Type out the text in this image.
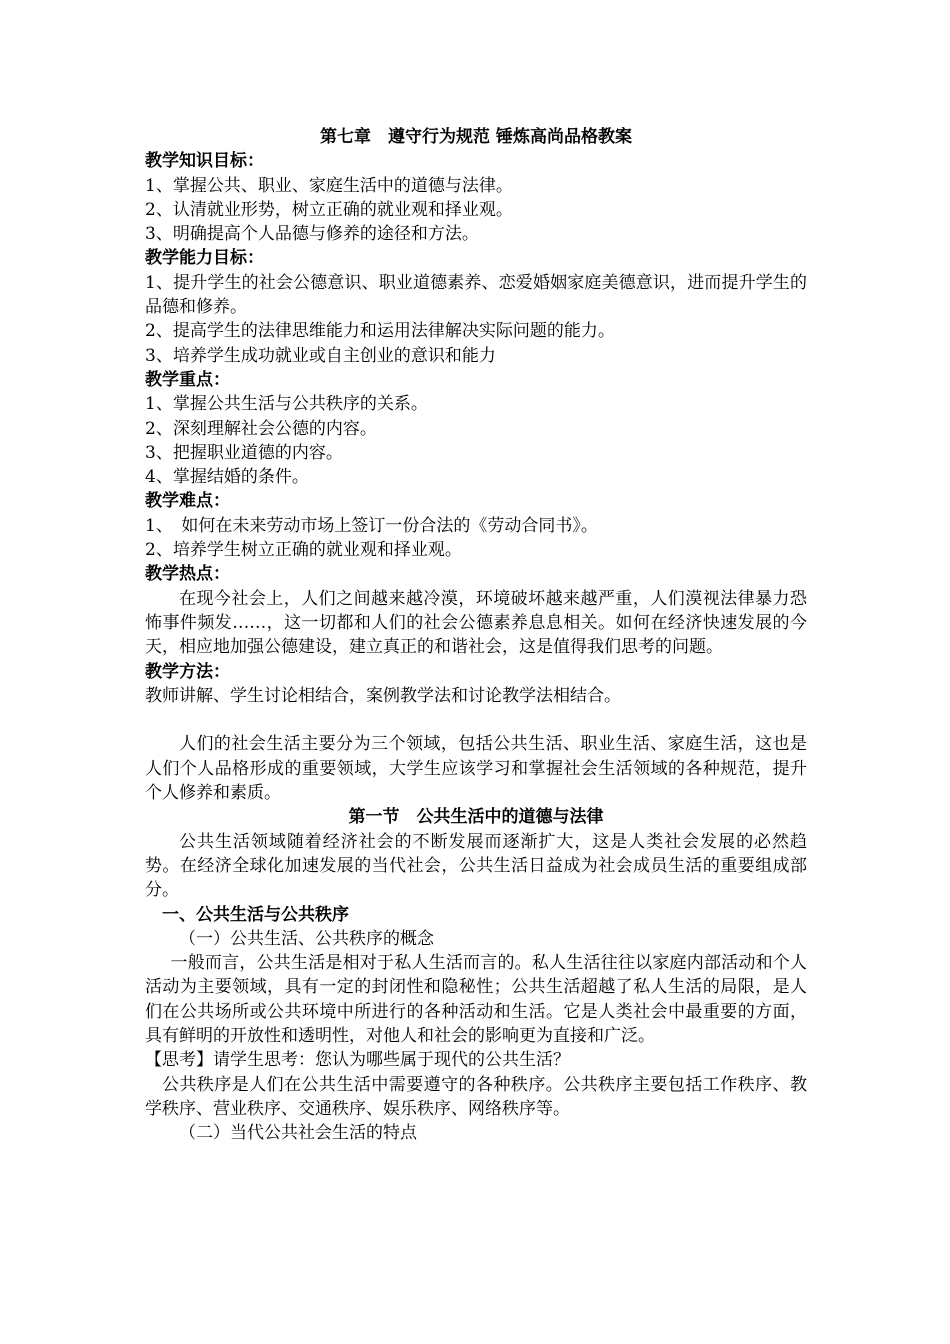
第七章　遵守行为规范 锤炼高尚品格教案

教学知识目标：

1、掌握公共、职业、家庭生活中的道德与法律。

2、认清就业形势，树立正确的就业观和择业观。

3、明确提高个人品德与修养的途径和方法。

教学能力目标：

1、提升学生的社会公德意识、职业道德素养、恋爱婚姻家庭美德意识，进而提升学生的品德和修养。

2、提高学生的法律思维能力和运用法律解决实际问题的能力。

3、培养学生成功就业或自主创业的意识和能力

教学重点：

1、掌握公共生活与公共秩序的关系。

2、深刻理解社会公德的内容。

3、把握职业道德的内容。

4、掌握结婚的条件。

教学难点：

1、　如何在未来劳动市场上签订一份合法的《劳动合同书》。

2、培养学生树立正确的就业观和择业观。

教学热点：

在现今社会上，人们之间越来越冷漠，环境破坏越来越严重，人们漠视法律暴力恐怖事件频发……，这一切都和人们的社会公德素养息息相关。如何在经济快速发展的今天，相应地加强公德建设，建立真正的和谐社会，这是值得我们思考的问题。

教学方法：

教师讲解、学生讨论相结合，案例教学法和讨论教学法相结合。

人们的社会生活主要分为三个领域，包括公共生活、职业生活、家庭生活，这也是人们个人品格形成的重要领域，大学生应该学习和掌握社会生活领域的各种规范，提升个人修养和素质。

第一节　公共生活中的道德与法律

公共生活领域随着经济社会的不断发展而逐渐扩大，这是人类社会发展的必然趋势。在经济全球化加速发展的当代社会，公共生活日益成为社会成员生活的重要组成部分。

一、公共生活与公共秩序

（一）公共生活、公共秩序的概念

一般而言，公共生活是相对于私人生活而言的。私人生活往往以家庭内部活动和个人活动为主要领域，具有一定的封闭性和隐秘性；公共生活超越了私人生活的局限，是人们在公共场所或公共环境中所进行的各种活动和生活。它是人类社会中最重要的方面，具有鲜明的开放性和透明性，对他人和社会的影响更为直接和广泛。

【思考】请学生思考：您认为哪些属于现代的公共生活？

公共秩序是人们在公共生活中需要遵守的各种秩序。公共秩序主要包括工作秩序、教学秩序、营业秩序、交通秩序、娱乐秩序、网络秩序等。

（二）当代公共社会生活的特点
